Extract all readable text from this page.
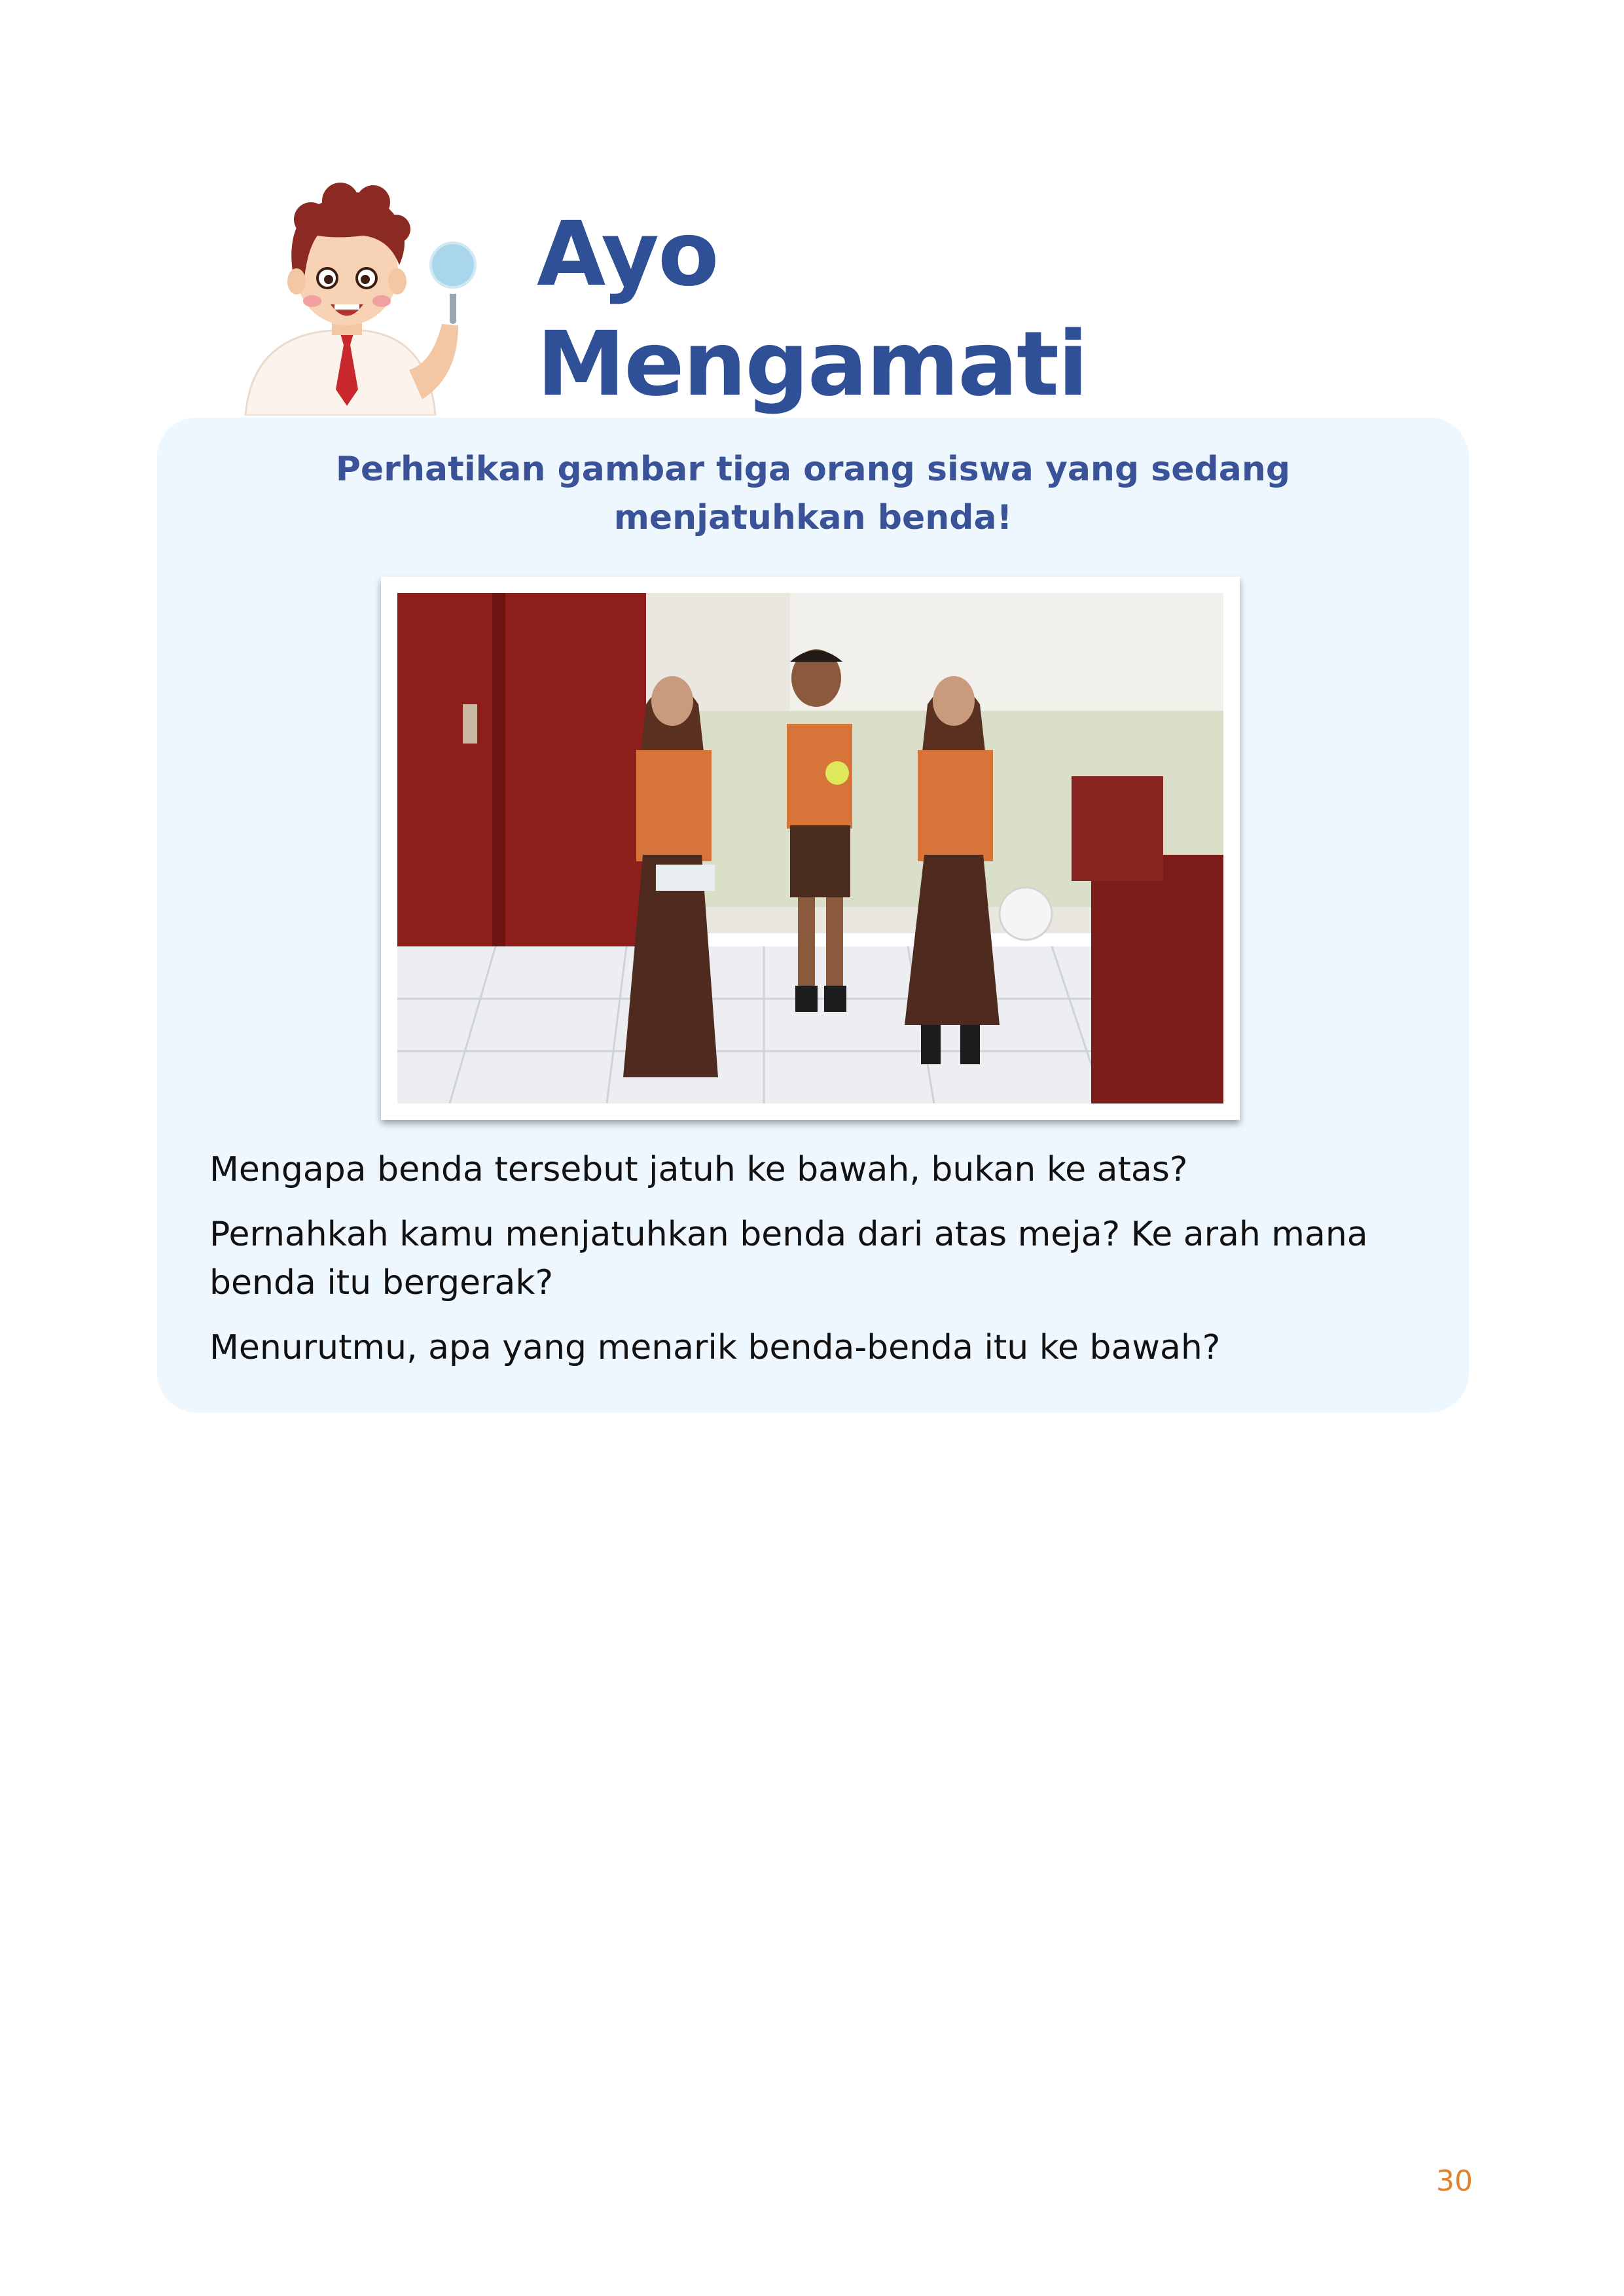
Ayo
Mengamati

Perhatikan gambar tiga orang siswa yang sedang
menjatuhkan benda!

Mengapa benda tersebut jatuh ke bawah, bukan ke atas?

Pernahkah kamu menjatuhkan benda dari atas meja? Ke arah mana benda itu bergerak?

Menurutmu, apa yang menarik benda-benda itu ke bawah?

30
